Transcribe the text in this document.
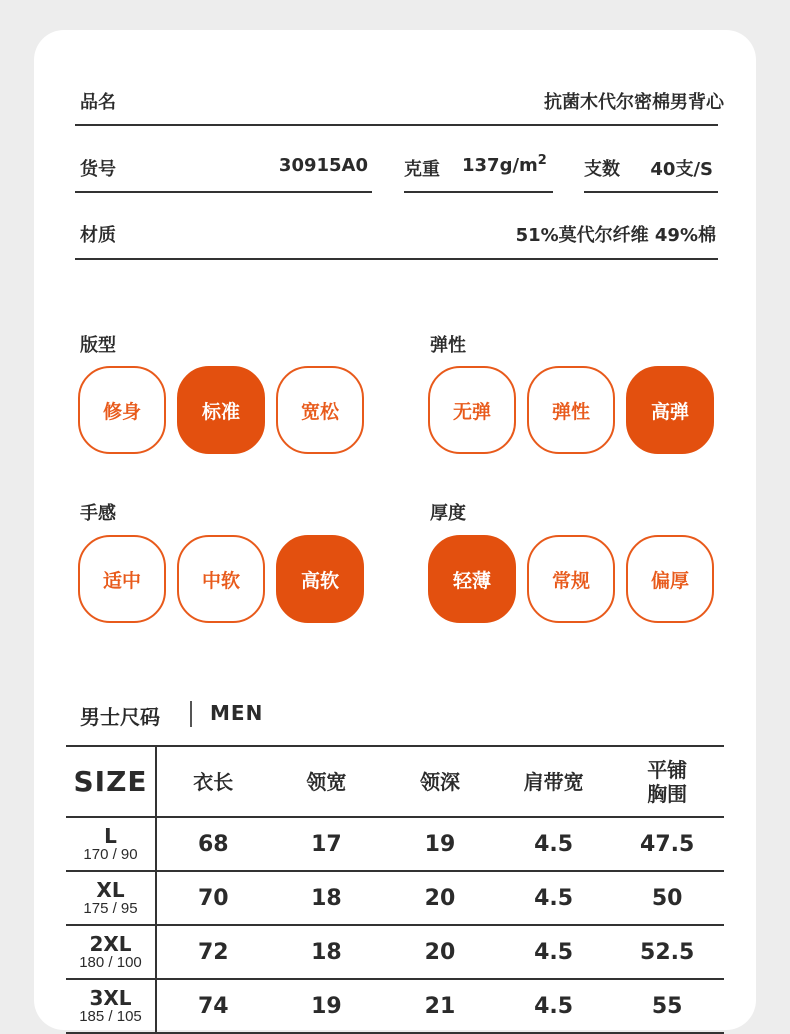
品名	抗菌木代尔密棉男背心
货号	30915A0 克重 $137g/m^2$ 支数 40支/S
材质	51%莫代尔纤维 49%棉
版型
修身	标准	宽松
弹性
无弹	弹性	高弹
手感
适中	中软	高软
厚度
轻薄	常规	偏厚
男士尺码	MEN
SIZE	衣长	领宽	领深	肩带宽	平铺
胸围

L
170 / 90	68	17	19	4.5	47.5

XL
175 / 95	70	18	20	4.5	50

2XL
180 / 100	72	18	20	4.5	52.5

3XL
185 / 105	74	19	21	4.5	55
